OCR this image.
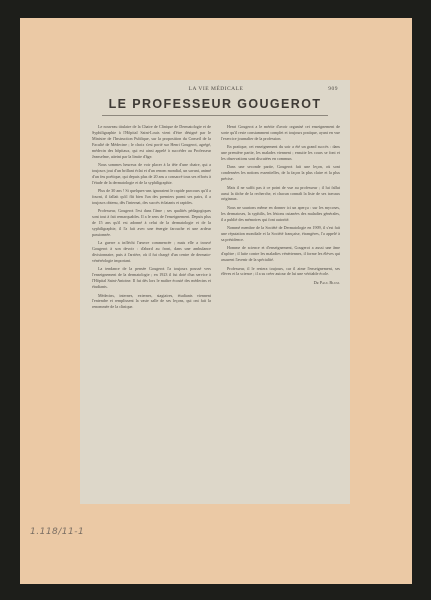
LA VIE MÉDICALE	909
LE PROFESSEUR GOUGEROT

Le nouveau titulaire de la Chaire de Clinique de Dermatologie et de Syphiligraphie à l'Hôpital Saint-Louis vient d'être désigné par le Ministre de l'Instruction Publique, sur la proposition du Conseil de la Faculté de Médecine ; le choix s'est porté sur Henri Gougerot, agrégé, médecin des hôpitaux, qui est ainsi appelé à succéder au Professeur Jeanselme, atteint par la limite d'âge.

Nous sommes heureux de voir placer à la tête d'une chaire, qui a toujours joui d'un brillant éclat et d'un renom mondial, un savant, animé d'un feu poétique, qui depuis plus de 20 ans a consacré tous ses efforts à l'étude de la dermatologie et de la syphiligraphie.

Plus de 30 ans ! Si quelques-uns ignoraient le rapide parcours qu'il a fourni, il fallait qu'il fût bien l'un des premiers parmi ses pairs, il a toujours obtenu, dès l'internat, des succès éclatants et rapides.

Professeur, Gougerot l'est dans l'âme ; ses qualités pédagogiques sont tout à fait remarquables. Il a le sens de l'enseignement. Depuis plus de 15 ans qu'il est adonné à celui de la dermatologie et de la syphiligraphie, il l'a fait avec une énergie farouche et une ardeur passionnée.

La guerre a infléchi l'œuvre commencée ; mais elle a trouvé Gougerot à son devoir : d'abord au front, dans une ambulance divisionnaire, puis à l'arrière, où il fut chargé d'un centre de dermato-vénéréologie important.

La tendance de la pensée Gougerot l'a toujours poussé vers l'enseignement de la dermatologie ; en 1923 il fut doté d'un service à l'Hôpital Saint-Antoine. Il fut dès lors le maître écouté des médecins et étudiants.

Médecins, internes, externes, stagiaires, étudiants viennent l'entendre et remplissent la vaste salle de ses leçons, qui ont fait la renommée de la clinique.

Henri Gougerot a le mérite d'avoir organisé cet enseignement de sorte qu'il reste constamment complet et toujours pratique, ayant en vue l'exercice journalier de la profession.

En pratique, cet enseignement du soir a été un grand succès : dans une première partie, les malades viennent ; ensuite les cours se font et les observations sont discutées en commun.

Dans une seconde partie, Gougerot fait une leçon, où sont condensées les notions essentielles, de la façon la plus claire et la plus précise.

Mais il ne suffit pas à ce point de vue au professeur ; il lui fallut aussi la tâche de la recherche, et chacun connaît la liste de ses travaux originaux.

Nous ne saurions même en donner ici un aperçu : sur les mycoses, les dermatoses, la syphilis, les lésions cutanées des maladies générales, il a publié des mémoires qui font autorité.

Nommé membre de la Société de Dermatologie en 1909, il s'est fait une réputation mondiale et la Société française, étrangères, l'a appelé à sa présidence.

Homme de science et d'enseignement, Gougerot a aussi une âme d'apôtre ; il lutte contre les maladies vénériennes, il forme les élèves qui assurent l'avenir de la spécialité.

Professeur, il le restera toujours, car il aime l'enseignement, ses élèves et la science ; il a su créer autour de lui une véritable école.

Dr Paul Blum.
1.118/11-1
